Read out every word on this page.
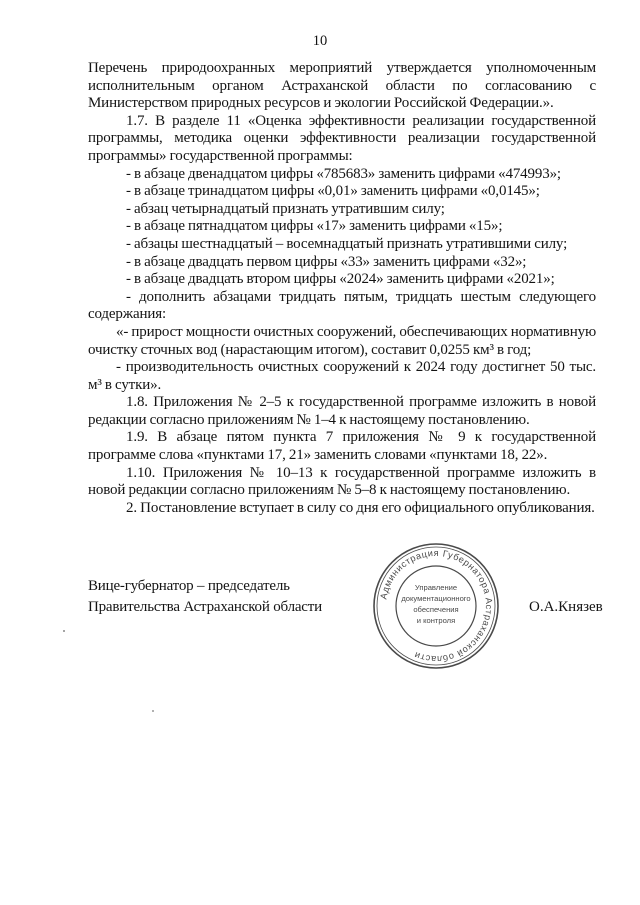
10

Перечень природоохранных мероприятий утверждается уполномоченным исполнительным органом Астраханской области по согласованию с Министерством природных ресурсов и экологии Российской Федерации.».

1.7. В разделе 11 «Оценка эффективности реализации государственной программы, методика оценки эффективности реализации государственной программы» государственной программы:

- в абзаце двенадцатом цифры «785683» заменить цифрами «474993»;

- в абзаце тринадцатом цифры «0,01» заменить цифрами «0,0145»;

- абзац четырнадцатый признать утратившим силу;

- в абзаце пятнадцатом цифры «17» заменить цифрами «15»;

- абзацы шестнадцатый – восемнадцатый признать утратившими силу;

- в абзаце двадцать первом цифры «33» заменить цифрами «32»;

- в абзаце двадцать втором цифры «2024» заменить цифрами «2021»;

- дополнить абзацами тридцать пятым, тридцать шестым следующего содержания:

«- прирост мощности очистных сооружений, обеспечивающих нормативную очистку сточных вод (нарастающим итогом), составит 0,0255 км³ в год;

- производительность очистных сооружений к 2024 году достигнет 50 тыс. м³ в сутки».

1.8. Приложения № 2–5 к государственной программе изложить в новой редакции согласно приложениям № 1–4 к настоящему постановлению.

1.9. В абзаце пятом пункта 7 приложения № 9 к государственной программе слова «пунктами 17, 21» заменить словами «пунктами 18, 22».

1.10. Приложения № 10–13 к государственной программе изложить в новой редакции согласно приложениям № 5–8 к настоящему постановлению.

2. Постановление вступает в силу со дня его официального опубликования.

Вице-губернатор – председатель
Правительства Астраханской области
Администрация Губернатора Астраханской области
Управление
документационного
обеспечения
и контроля
О.А.Князев
